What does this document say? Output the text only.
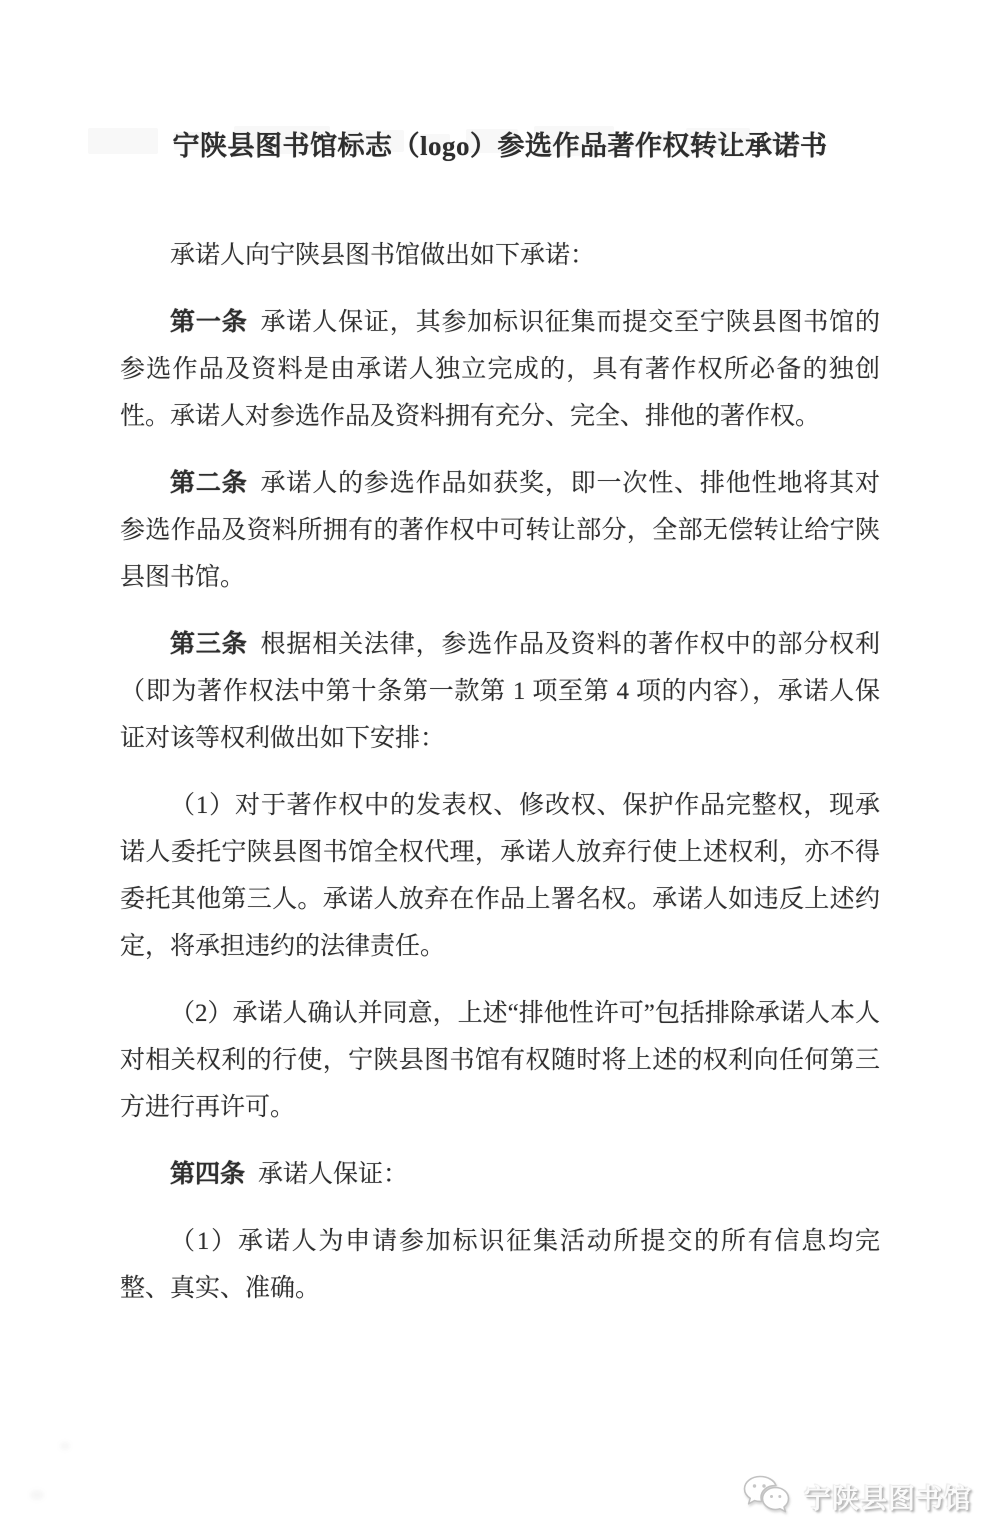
宁陕县图书馆标志（logo）参选作品著作权转让承诺书

承诺人向宁陕县图书馆做出如下承诺：

第一条 承诺人保证，其参加标识征集而提交至宁陕县图书馆的参选作品及资料是由承诺人独立完成的，具有著作权所必备的独创性。承诺人对参选作品及资料拥有充分、完全、排他的著作权。

第二条 承诺人的参选作品如获奖，即一次性、排他性地将其对参选作品及资料所拥有的著作权中可转让部分，全部无偿转让给宁陕县图书馆。

第三条 根据相关法律，参选作品及资料的著作权中的部分权利（即为著作权法中第十条第一款第 1 项至第 4 项的内容），承诺人保证对该等权利做出如下安排：

（1）对于著作权中的发表权、修改权、保护作品完整权，现承诺人委托宁陕县图书馆全权代理，承诺人放弃行使上述权利，亦不得委托其他第三人。承诺人放弃在作品上署名权。承诺人如违反上述约定，将承担违约的法律责任。

（2）承诺人确认并同意，上述“排他性许可”包括排除承诺人本人对相关权利的行使，宁陕县图书馆有权随时将上述的权利向任何第三方进行再许可。

第四条 承诺人保证：

（1）承诺人为申请参加标识征集活动所提交的所有信息均完整、真实、准确。

宁陕县图书馆
